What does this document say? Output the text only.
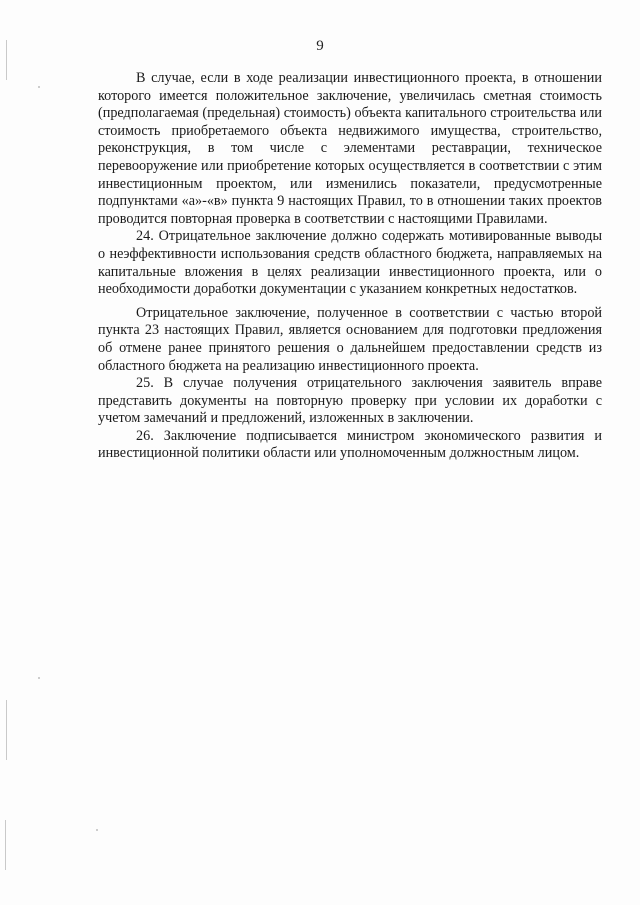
9

В случае, если в ходе реализации инвестиционного проекта, в отношении которого имеется положительное заключение, увеличилась сметная стоимость (предполагаемая (предельная) стоимость) объекта капитального строительства или стоимость приобретаемого объекта недвижимого имущества, строительство, реконструкция, в том числе с элементами реставрации, техническое перевооружение или приобретение которых осуществляется в соответствии с этим инвестиционным проектом, или изменились показатели, предусмотренные подпунктами «а»-«в» пункта 9 настоящих Правил, то в отношении таких проектов проводится повторная проверка в соответствии с настоящими Правилами.

24. Отрицательное заключение должно содержать мотивированные выводы о неэффективности использования средств областного бюджета, направляемых на капитальные вложения в целях реализации инвестиционного проекта, или о необходимости доработки документации с указанием конкретных недостатков.

Отрицательное заключение, полученное в соответствии с частью второй пункта 23 настоящих Правил, является основанием для подготовки предложения об отмене ранее принятого решения о дальнейшем предоставлении средств из областного бюджета на реализацию инвестиционного проекта.

25. В случае получения отрицательного заключения заявитель вправе представить документы на повторную проверку при условии их доработки с учетом замечаний и предложений, изложенных в заключении.

26. Заключение подписывается министром экономического развития и инвестиционной политики области или уполномоченным должностным лицом.
